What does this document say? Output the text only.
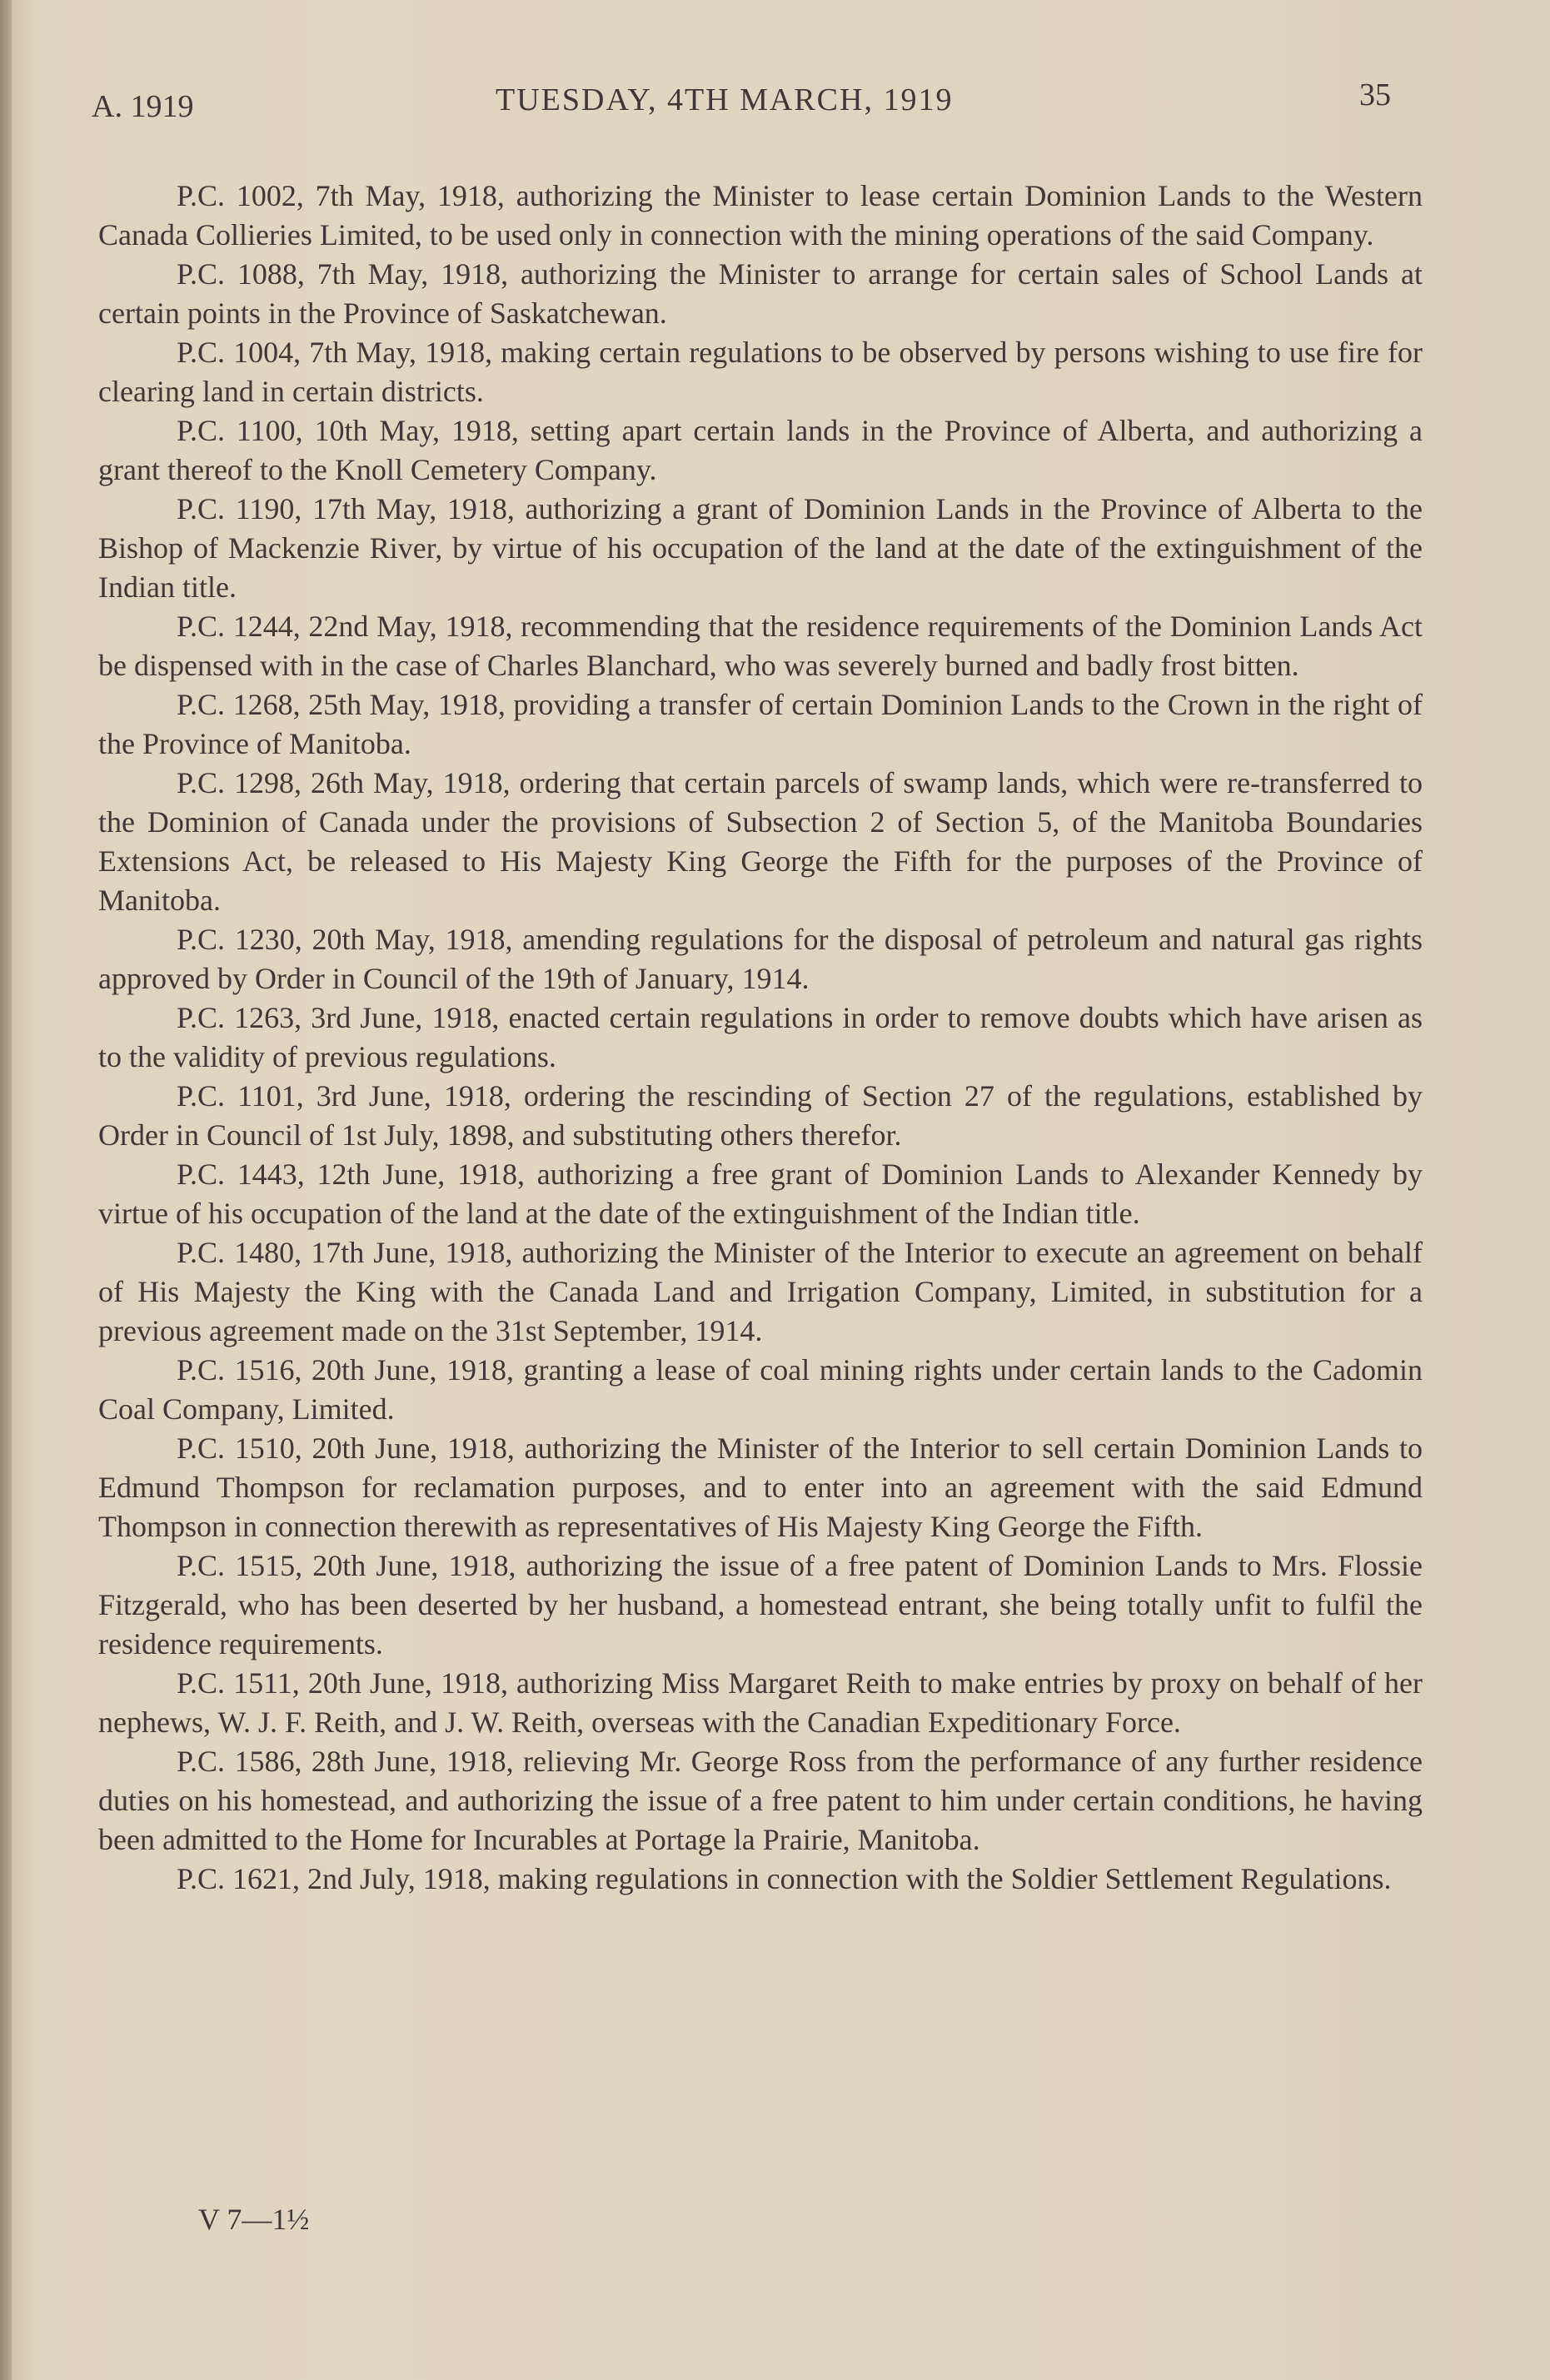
A. 1919	TUESDAY, 4TH MARCH, 1919	35

P.C. 1002, 7th May, 1918, authorizing the Minister to lease certain Dominion Lands to the Western Canada Collieries Limited, to be used only in connection with the mining operations of the said Company.

P.C. 1088, 7th May, 1918, authorizing the Minister to arrange for certain sales of School Lands at certain points in the Province of Saskatchewan.

P.C. 1004, 7th May, 1918, making certain regulations to be observed by persons wishing to use fire for clearing land in certain districts.

P.C. 1100, 10th May, 1918, setting apart certain lands in the Province of Alberta, and authorizing a grant thereof to the Knoll Cemetery Company.

P.C. 1190, 17th May, 1918, authorizing a grant of Dominion Lands in the Province of Alberta to the Bishop of Mackenzie River, by virtue of his occupation of the land at the date of the extinguishment of the Indian title.

P.C. 1244, 22nd May, 1918, recommending that the residence requirements of the Dominion Lands Act be dispensed with in the case of Charles Blanchard, who was severely burned and badly frost bitten.

P.C. 1268, 25th May, 1918, providing a transfer of certain Dominion Lands to the Crown in the right of the Province of Manitoba.

P.C. 1298, 26th May, 1918, ordering that certain parcels of swamp lands, which were re-transferred to the Dominion of Canada under the provisions of Subsection 2 of Section 5, of the Manitoba Boundaries Extensions Act, be released to His Majesty King George the Fifth for the purposes of the Province of Manitoba.

P.C. 1230, 20th May, 1918, amending regulations for the disposal of petroleum and natural gas rights approved by Order in Council of the 19th of January, 1914.

P.C. 1263, 3rd June, 1918, enacted certain regulations in order to remove doubts which have arisen as to the validity of previous regulations.

P.C. 1101, 3rd June, 1918, ordering the rescinding of Section 27 of the regulations, established by Order in Council of 1st July, 1898, and substituting others therefor.

P.C. 1443, 12th June, 1918, authorizing a free grant of Dominion Lands to Alexander Kennedy by virtue of his occupation of the land at the date of the extinguishment of the Indian title.

P.C. 1480, 17th June, 1918, authorizing the Minister of the Interior to execute an agreement on behalf of His Majesty the King with the Canada Land and Irrigation Company, Limited, in substitution for a previous agreement made on the 31st September, 1914.

P.C. 1516, 20th June, 1918, granting a lease of coal mining rights under certain lands to the Cadomin Coal Company, Limited.

P.C. 1510, 20th June, 1918, authorizing the Minister of the Interior to sell certain Dominion Lands to Edmund Thompson for reclamation purposes, and to enter into an agreement with the said Edmund Thompson in connection therewith as representatives of His Majesty King George the Fifth.

P.C. 1515, 20th June, 1918, authorizing the issue of a free patent of Dominion Lands to Mrs. Flossie Fitzgerald, who has been deserted by her husband, a homestead entrant, she being totally unfit to fulfil the residence requirements.

P.C. 1511, 20th June, 1918, authorizing Miss Margaret Reith to make entries by proxy on behalf of her nephews, W. J. F. Reith, and J. W. Reith, overseas with the Canadian Expeditionary Force.

P.C. 1586, 28th June, 1918, relieving Mr. George Ross from the performance of any further residence duties on his homestead, and authorizing the issue of a free patent to him under certain conditions, he having been admitted to the Home for Incurables at Portage la Prairie, Manitoba.

P.C. 1621, 2nd July, 1918, making regulations in connection with the Soldier Settlement Regulations.

V 7—1½
